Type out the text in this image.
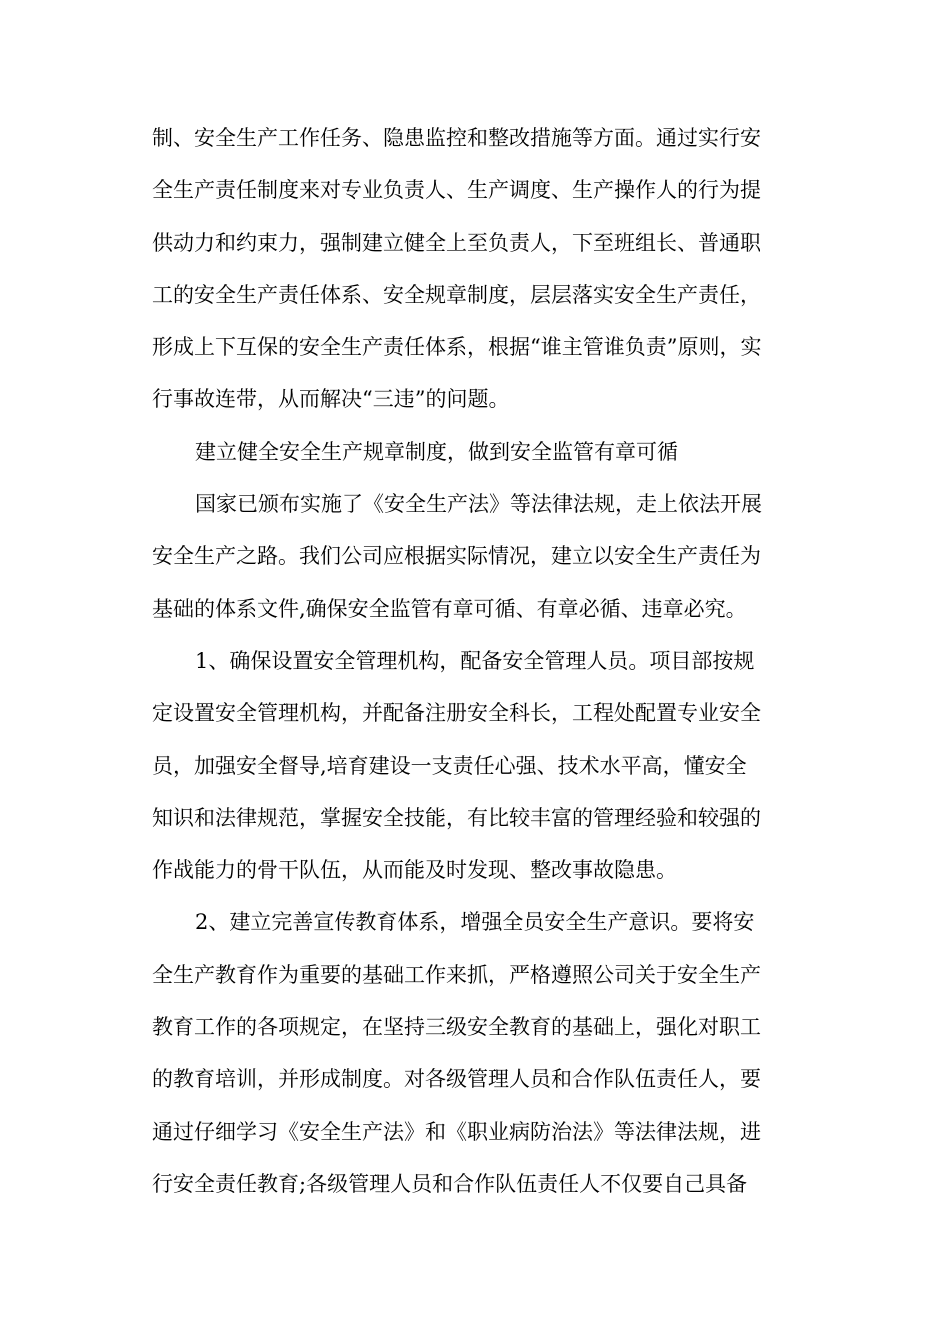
制、安全生产工作任务、隐患监控和整改措施等方面。通过实行安
全生产责任制度来对专业负责人、生产调度、生产操作人的行为提
供动力和约束力，强制建立健全上至负责人，下至班组长、普通职
工的安全生产责任体系、安全规章制度，层层落实安全生产责任，
形成上下互保的安全生产责任体系，根据“谁主管谁负责”原则，实
行事故连带，从而解决“三违”的问题。
建立健全安全生产规章制度，做到安全监管有章可循
国家已颁布实施了《安全生产法》等法律法规，走上依法开展
安全生产之路。我们公司应根据实际情况，建立以安全生产责任为
基础的体系文件,确保安全监管有章可循、有章必循、违章必究。
1、确保设置安全管理机构，配备安全管理人员。项目部按规
定设置安全管理机构，并配备注册安全科长，工程处配置专业安全
员，加强安全督导,培育建设一支责任心强、技术水平高，懂安全
知识和法律规范，掌握安全技能，有比较丰富的管理经验和较强的
作战能力的骨干队伍，从而能及时发现、整改事故隐患。
2、建立完善宣传教育体系，增强全员安全生产意识。要将安
全生产教育作为重要的基础工作来抓，严格遵照公司关于安全生产
教育工作的各项规定，在坚持三级安全教育的基础上，强化对职工
的教育培训，并形成制度。对各级管理人员和合作队伍责任人，要
通过仔细学习《安全生产法》和《职业病防治法》等法律法规，进
行安全责任教育;各级管理人员和合作队伍责任人不仅要自己具备
